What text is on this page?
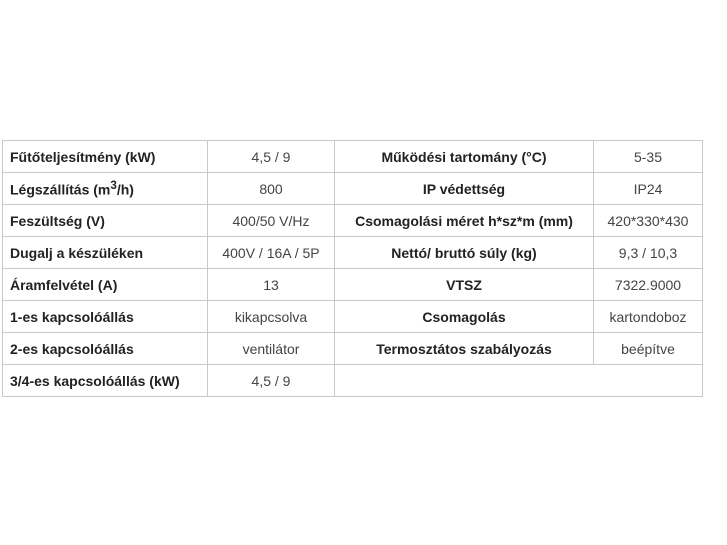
Fűtőteljesítmény (kW)	4,5 / 9	Működési tartomány (°C)	5-35
Légszállítás $(m^3/h)$	800	IP védettség	IP24
Feszültség (V)	400/50 V/Hz	Csomagolási méret h*sz*m (mm)	420*330*430
Dugalj a készüléken	400V / 16A / 5P	Nettó/ bruttó súly (kg)	9,3 / 10,3
Áramfelvétel (A)	13	VTSZ	7322.9000
1-es kapcsolóállás	kikapcsolva	Csomagolás	kartondoboz
2-es kapcsolóállás	ventilátor	Termosztátos szabályozás	beépítve
3/4-es kapcsolóállás (kW)	4,5 / 9		
